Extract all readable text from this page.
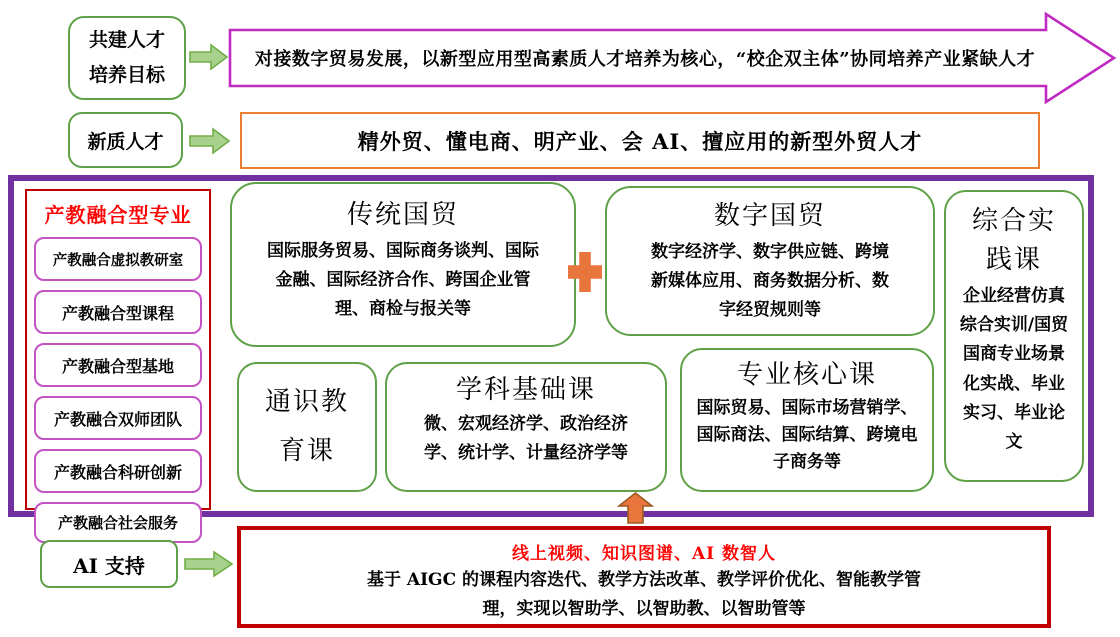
共建人才
培养目标
对接数字贸易发展，以新型应用型高素质人才培养为核心，“校企双主体”协同培养产业紧缺人才
新质人才	精外贸、懂电商、明产业、会 AI、擅应用的新型外贸人才
产教融合型专业
产教融合虚拟教研室
产教融合型课程
产教融合型基地
产教融合双师团队
产教融合科研创新
产教融合社会服务
传统国贸
国际服务贸易、国际商务谈判、国际金融、国际经济合作、跨国企业管理、商检与报关等
数字国贸
数字经济学、数字供应链、跨境新媒体应用、商务数据分析、数字经贸规则等
综合实践课
企业经营仿真综合实训/国贸国商专业场景化实战、毕业实习、毕业论文
通识教育课
学科基础课
微、宏观经济学、政治经济学、统计学、计量经济学等
专业核心课
国际贸易、国际市场营销学、国际商法、国际结算、跨境电子商务等
AI 支持	线上视频、知识图谱、AI 数智人
基于 AIGC 的课程内容迭代、教学方法改革、教学评价优化、智能教学管理，实现以智助学、以智助教、以智助管等
